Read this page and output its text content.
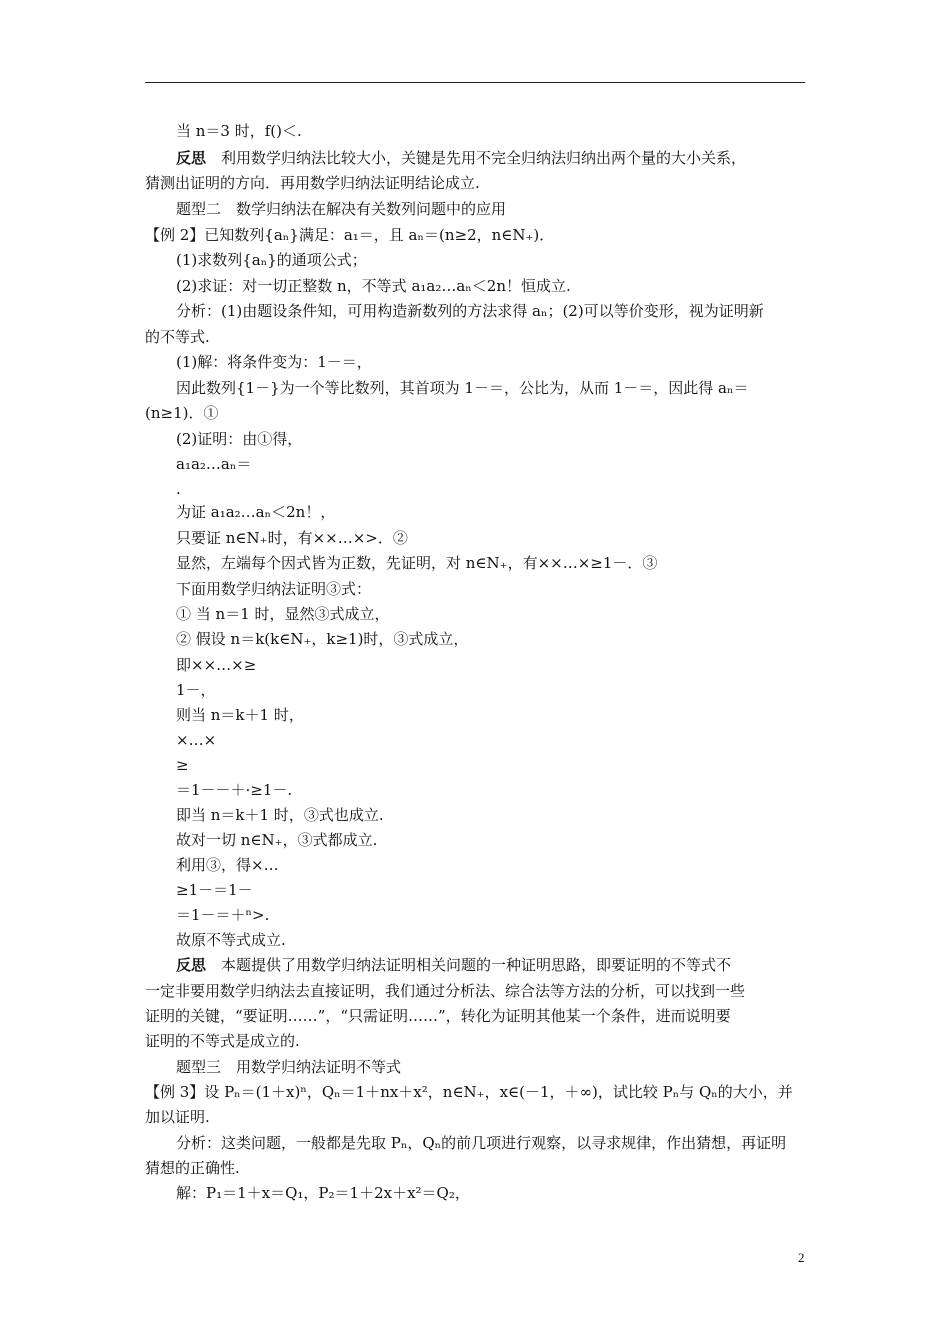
当 n＝3 时，f()＜.
反思　利用数学归纳法比较大小，关键是先用不完全归纳法归纳出两个量的大小关系，
猜测出证明的方向．再用数学归纳法证明结论成立.
题型二　数学归纳法在解决有关数列问题中的应用
【例 2】已知数列{aₙ}满足：a₁＝，且 aₙ＝(n≥2，n∈N₊)．
(1)求数列{aₙ}的通项公式；
(2)求证：对一切正整数 n，不等式 a₁a₂…aₙ＜2n！恒成立.
分析：(1)由题设条件知，可用构造新数列的方法求得 aₙ；(2)可以等价变形，视为证明新
的不等式.
(1)解：将条件变为：1－＝，
因此数列{1－}为一个等比数列，其首项为 1－＝，公比为，从而 1－＝，因此得 aₙ＝
(n≥1)．①
(2)证明：由①得，
a₁a₂…aₙ＝
.
为证 a₁a₂…aₙ＜2n！，
只要证 n∈N₊时，有××…×>．②
显然，左端每个因式皆为正数，先证明，对 n∈N₊，有××…×≥1－．③
下面用数学归纳法证明③式：
① 当 n＝1 时，显然③式成立，
② 假设 n＝k(k∈N₊，k≥1)时，③式成立，
即××…×≥
1－，
则当 n＝k＋1 时，
×…×
≥
＝1－－＋·≥1－.
即当 n＝k＋1 时，③式也成立.
故对一切 n∈N₊，③式都成立.
利用③，得×…
≥1－＝1－
＝1－＝＋ⁿ>.
故原不等式成立.
反思　本题提供了用数学归纳法证明相关问题的一种证明思路，即要证明的不等式不
一定非要用数学归纳法去直接证明，我们通过分析法、综合法等方法的分析，可以找到一些
证明的关键，“要证明……”，“只需证明……”，转化为证明其他某一个条件，进而说明要
证明的不等式是成立的.
题型三　用数学归纳法证明不等式
【例 3】设 Pₙ＝(1＋x)ⁿ，Qₙ＝1＋nx＋x²，n∈N₊，x∈(－1，＋∞)，试比较 Pₙ与 Qₙ的大小，并
加以证明.
分析：这类问题，一般都是先取 Pₙ，Qₙ的前几项进行观察，以寻求规律，作出猜想，再证明
猜想的正确性.
解：P₁＝1＋x＝Q₁，P₂＝1＋2x＋x²＝Q₂，
2
